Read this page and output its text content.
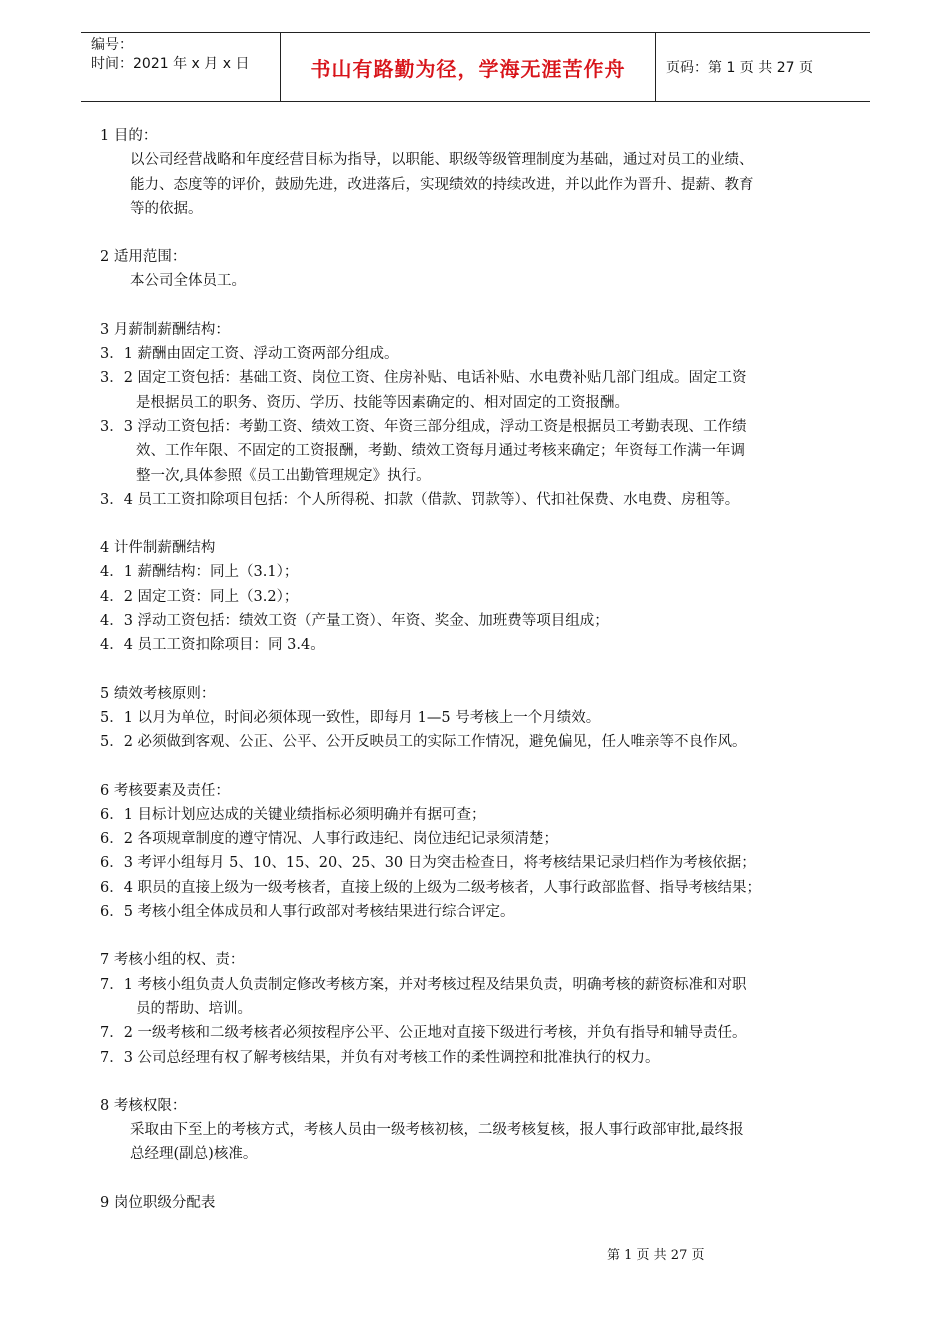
编号：
时间：2021 年 x 月 x 日	书山有路勤为径，学海无涯苦作舟	页码：第 1 页 共 27 页
1 目的：
以公司经营战略和年度经营目标为指导，以职能、职级等级管理制度为基础，通过对员工的业绩、
能力、态度等的评价，鼓励先进，改进落后，实现绩效的持续改进，并以此作为晋升、提薪、教育
等的依据。
2 适用范围：
本公司全体员工。
3 月薪制薪酬结构：
3．1 薪酬由固定工资、浮动工资两部分组成。
3．2 固定工资包括：基础工资、岗位工资、住房补贴、电话补贴、水电费补贴几部门组成。固定工资
是根据员工的职务、资历、学历、技能等因素确定的、相对固定的工资报酬。
3．3 浮动工资包括：考勤工资、绩效工资、年资三部分组成，浮动工资是根据员工考勤表现、工作绩
效、工作年限、不固定的工资报酬，考勤、绩效工资每月通过考核来确定；年资每工作满一年调
整一次,具体参照《员工出勤管理规定》执行。
3．4 员工工资扣除项目包括：个人所得税、扣款（借款、罚款等）、代扣社保费、水电费、房租等。
4 计件制薪酬结构
4．1 薪酬结构：同上（3.1）；
4．2 固定工资：同上（3.2）；
4．3 浮动工资包括：绩效工资（产量工资）、年资、奖金、加班费等项目组成；
4．4 员工工资扣除项目：同 3.4。
5 绩效考核原则：
5．1 以月为单位，时间必须体现一致性，即每月 1—5 号考核上一个月绩效。
5．2 必须做到客观、公正、公平、公开反映员工的实际工作情况，避免偏见，任人唯亲等不良作风。
6 考核要素及责任：
6．1 目标计划应达成的关键业绩指标必须明确并有据可查；
6．2 各项规章制度的遵守情况、人事行政违纪、岗位违纪记录须清楚；
6．3 考评小组每月 5、10、15、20、25、30 日为突击检查日，将考核结果记录归档作为考核依据；
6．4 职员的直接上级为一级考核者，直接上级的上级为二级考核者，人事行政部监督、指导考核结果；
6．5 考核小组全体成员和人事行政部对考核结果进行综合评定。
7 考核小组的权、责：
7．1 考核小组负责人负责制定修改考核方案，并对考核过程及结果负责，明确考核的薪资标准和对职
员的帮助、培训。
7．2 一级考核和二级考核者必须按程序公平、公正地对直接下级进行考核，并负有指导和辅导责任。
7．3 公司总经理有权了解考核结果，并负有对考核工作的柔性调控和批准执行的权力。
8 考核权限：
采取由下至上的考核方式，考核人员由一级考核初核，二级考核复核，报人事行政部审批,最终报
总经理(副总)核准。
9 岗位职级分配表
第 1 页 共 27 页
